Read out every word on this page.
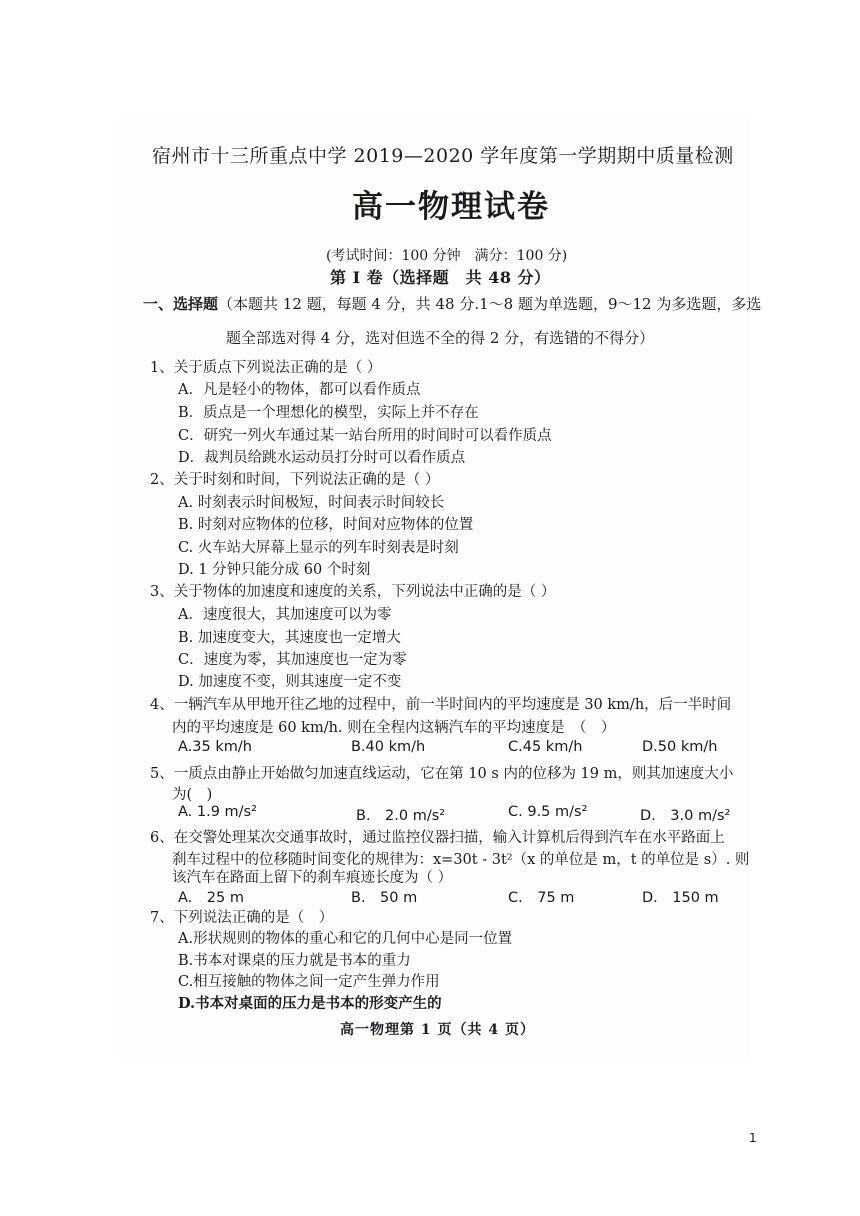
宿州市十三所重点中学 2019—2020 学年度第一学期期中质量检测
高一物理试卷
(考试时间：100 分钟　满分：100 分)
第 I 卷（选择题　共 48 分）
一、选择题（本题共 12 题，每题 4 分，共 48 分.1～8 题为单选题，9～12 为多选题，多选
题全部选对得 4 分，选对但选不全的得 2 分，有选错的不得分）
1、关于质点下列说法正确的是（ ）
A．凡是轻小的物体，都可以看作质点
B．质点是一个理想化的模型，实际上并不存在
C．研究一列火车通过某一站台所用的时间时可以看作质点
D．裁判员给跳水运动员打分时可以看作质点
2、关于时刻和时间，下列说法正确的是（ ）
A. 时刻表示时间极短，时间表示时间较长
B. 时刻对应物体的位移，时间对应物体的位置
C. 火车站大屏幕上显示的列车时刻表是时刻
D. 1 分钟只能分成 60 个时刻
3、关于物体的加速度和速度的关系，下列说法中正确的是（ ）
A．速度很大，其加速度可以为零
B. 加速度变大，其速度也一定增大
C．速度为零，其加速度也一定为零
D. 加速度不变，则其速度一定不变
4、一辆汽车从甲地开往乙地的过程中，前一半时间内的平均速度是 30 km/h，后一半时间
内的平均速度是 60 km/h. 则在全程内这辆汽车的平均速度是　（　）
A.35 km/h	B.40 km/h	C.45 km/h	D.50 km/h
5、一质点由静止开始做匀加速直线运动，它在第 10 s 内的位移为 19 m，则其加速度大小
为(　)
A. 1.9 m/s²	B.　2.0 m/s²	C. 9.5 m/s²	D.　3.0 m/s²
6、在交警处理某次交通事故时，通过监控仪器扫描，输入计算机后得到汽车在水平路面上
刹车过程中的位移随时间变化的规律为：x=30t - 3t²（x 的单位是 m，t 的单位是 s）. 则
该汽车在路面上留下的刹车痕迹长度为（ ）
A.　25 m	B.　50 m	C.　75 m	D.　150 m
7、下列说法正确的是（　）
A.形状规则的物体的重心和它的几何中心是同一位置
B.书本对课桌的压力就是书本的重力
C.相互接触的物体之间一定产生弹力作用
D.书本对桌面的压力是书本的形变产生的
高一物理第 1 页（共 4 页）
1
